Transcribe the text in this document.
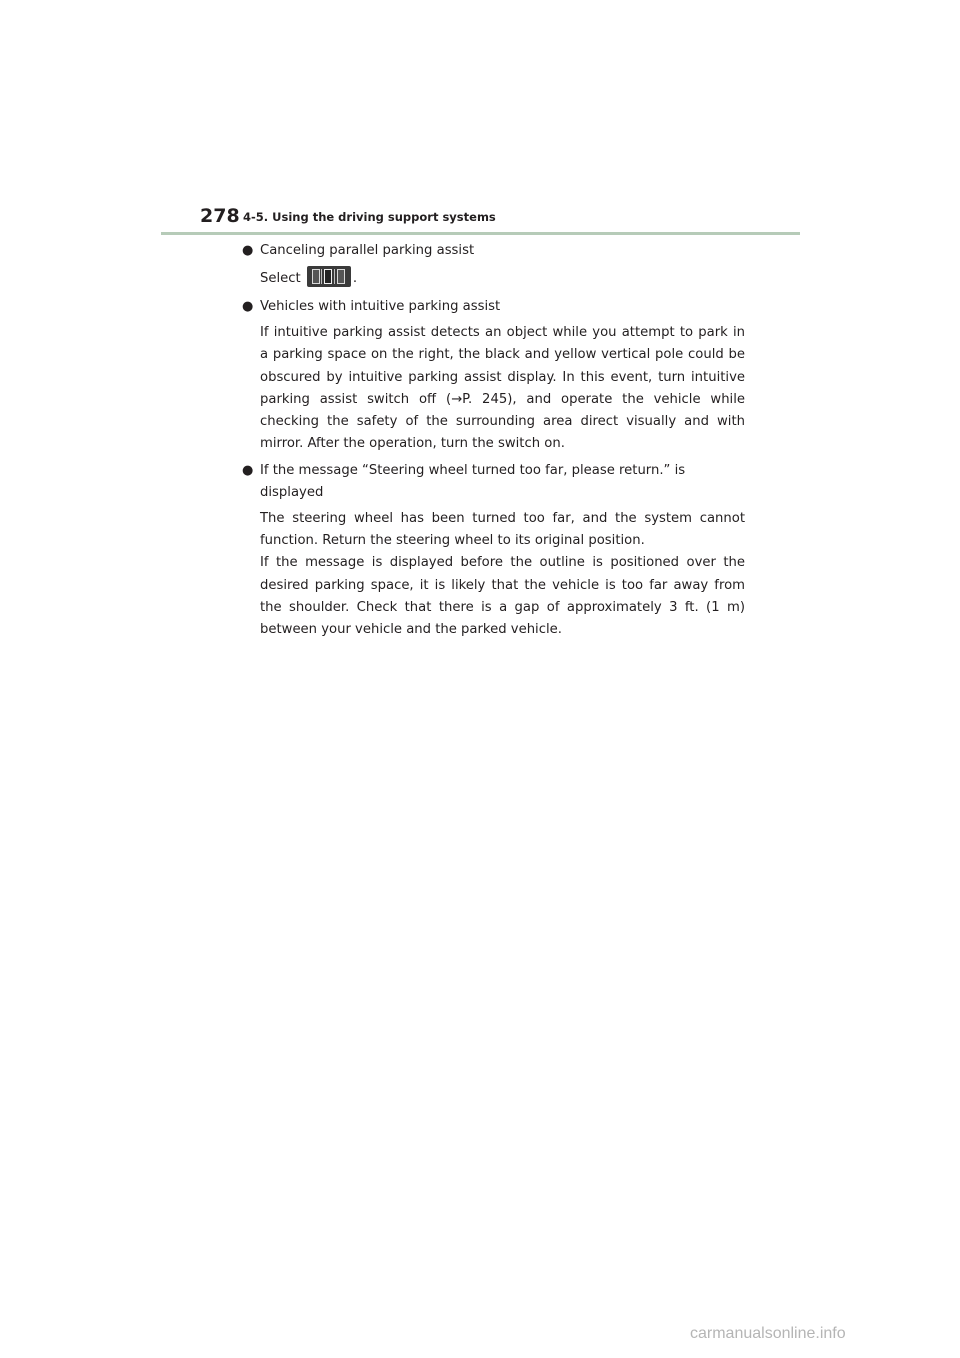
278 4-5. Using the driving support systems
● Canceling parallel parking assist
Select	.
● Vehicles with intuitive parking assist
If intuitive parking assist detects an object while you attempt to park in a parking space on the right, the black and yellow vertical pole could be obscured by intuitive parking assist display. In this event, turn intuitive parking assist switch off (→P. 245), and operate the vehicle while checking the safety of the surrounding area direct visually and with mirror. After the operation, turn the switch on.
● If the message “Steering wheel turned too far, please return.” is displayed
The steering wheel has been turned too far, and the system cannot function. Return the steering wheel to its original position.
If the message is displayed before the outline is positioned over the desired parking space, it is likely that the vehicle is too far away from the shoulder. Check that there is a gap of approximately 3 ft. (1 m) between your vehicle and the parked vehicle.
carmanualsonline.info
